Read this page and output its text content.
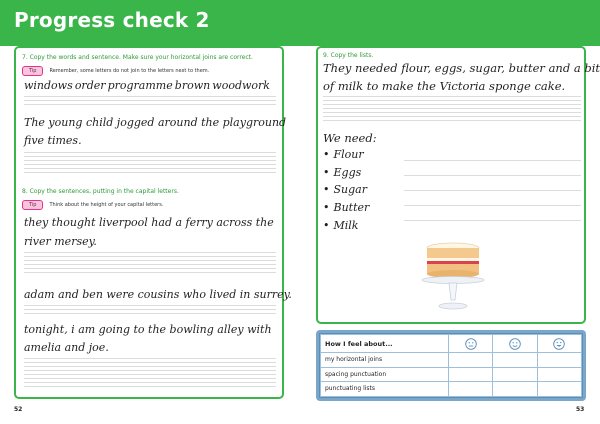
Progress check 2
7. Copy the words and sentence. Make sure your horizontal joins are correct.
Tip	Remember, some letters do not join to the letters next to them.
windows order programme brown woodwork
The young child jogged around the playground
five times.
8. Copy the sentences, putting in the capital letters.
Tip	Think about the height of your capital letters.
they thought liverpool had a ferry across the
river mersey.
adam and ben were cousins who lived in surrey.
tonight, i am going to the bowling alley with
amelia and joe.
52
9. Copy the lists.
They needed flour, eggs, sugar, butter and a bit
of milk to make the Victoria sponge cake.
We need:
• Flour
• Eggs
• Sugar
• Butter
• Milk
How I feel about...			
my horizontal joins			
spacing punctuation			
punctuating lists			
53
